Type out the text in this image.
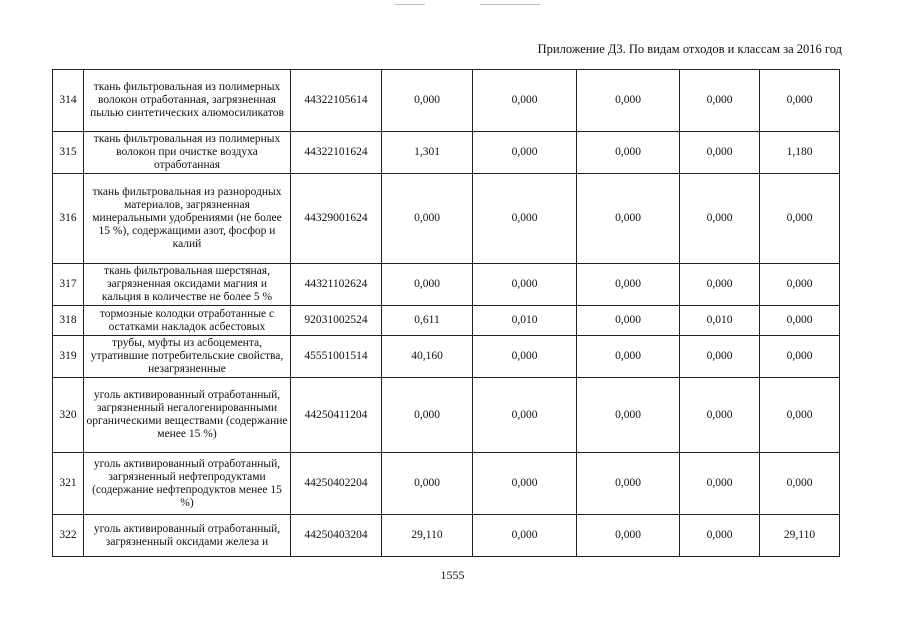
Приложение Д3. По видам отходов и классам за 2016 год
314	ткань фильтровальная из полимерных волокон отработанная, загрязненная пылью синтетических алюмосиликатов	44322105614	0,000	0,000	0,000	0,000	0,000
315	ткань фильтровальная из полимерных волокон при очистке воздуха отработанная	44322101624	1,301	0,000	0,000	0,000	1,180
316	ткань фильтровальная из разнородных материалов, загрязненная минеральными удобрениями (не более 15 %), содержащими азот, фосфор и калий	44329001624	0,000	0,000	0,000	0,000	0,000
317	ткань фильтровальная шерстяная, загрязненная оксидами магния и кальция в количестве не более 5 %	44321102624	0,000	0,000	0,000	0,000	0,000
318	тормозные колодки отработанные с остатками накладок асбестовых	92031002524	0,611	0,010	0,000	0,010	0,000
319	трубы, муфты из асбоцемента, утратившие потребительские свойства, незагрязненные	45551001514	40,160	0,000	0,000	0,000	0,000
320	уголь активированный отработанный, загрязненный негалогенированными органическими веществами (содержание менее 15 %)	44250411204	0,000	0,000	0,000	0,000	0,000
321	уголь активированный отработанный, загрязненный нефтепродуктами (содержание нефтепродуктов менее 15 %)	44250402204	0,000	0,000	0,000	0,000	0,000
322	уголь активированный отработанный, загрязненный оксидами железа и	44250403204	29,110	0,000	0,000	0,000	29,110
1555
